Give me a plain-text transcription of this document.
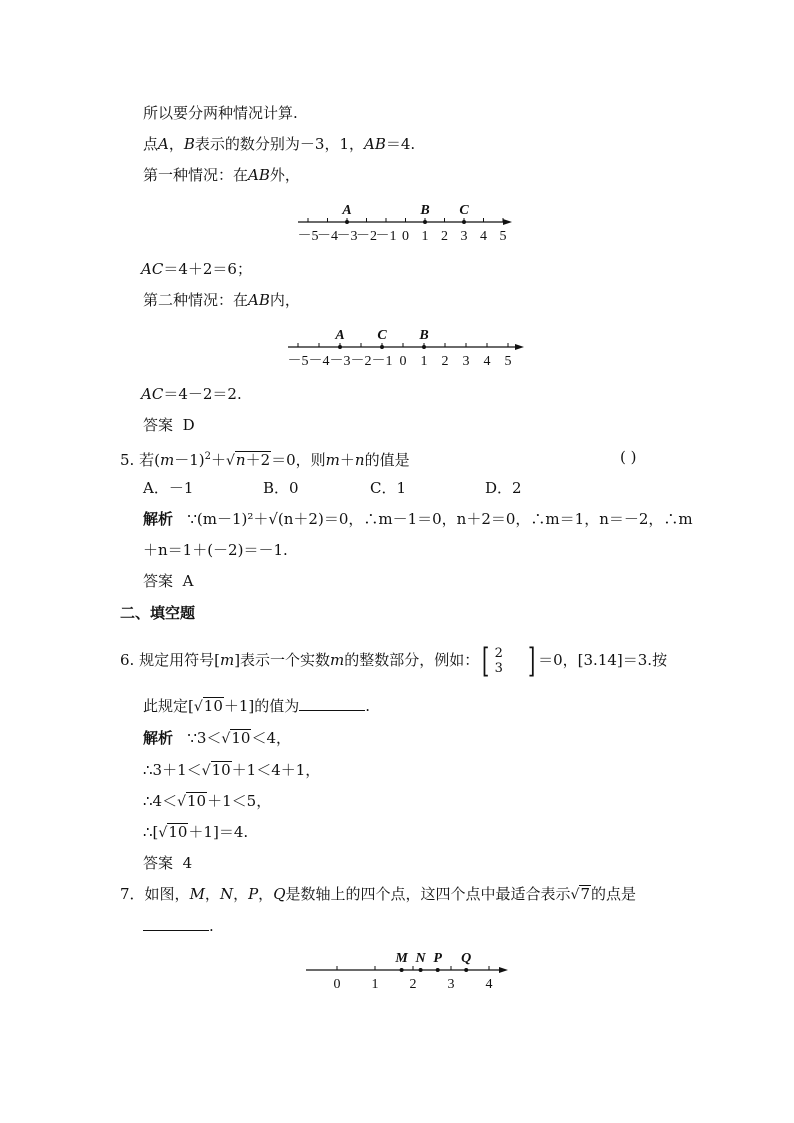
所以要分两种情况计算.
点A，B表示的数分别为－3，1，AB＝4.
第一种情况：在AB外，
－5
－4
－3
－2
－1 0 1 2 3 4 5
A	B C
AC＝4＋2＝6；
第二种情况：在AB内，
－5 －4 －3 －2 －1 0 1 2 3 4 5
A C B
AC＝4－2＝2.
答案 D
5. 若$(m-1)^2+√n+2=0$，则m＋n的值是	( )
A．－1	B．0	C．1	D．2
解析 ∵(m－1)²＋√(n＋2)＝0，∴m－1＝0，n＋2＝0，∴m＝1，n＝－2，∴m
＋n＝1＋(－2)＝－1.
答案 A
二、填空题
6. 规定用符号[m]表示一个实数m的整数部分，例如：[ 2
3 ] ＝0，[3.14]＝3.按
此规定[√10＋1]的值为	.
解析 ∵3＜√10＜4，
∴3＋1＜√10＋1＜4＋1，
∴4＜√10＋1＜5，
∴[√10＋1]＝4.
答案 4
7．如图，M，N，P，Q是数轴上的四个点，这四个点中最适合表示√7的点是
.
0 1 2 3 4
M N P Q
